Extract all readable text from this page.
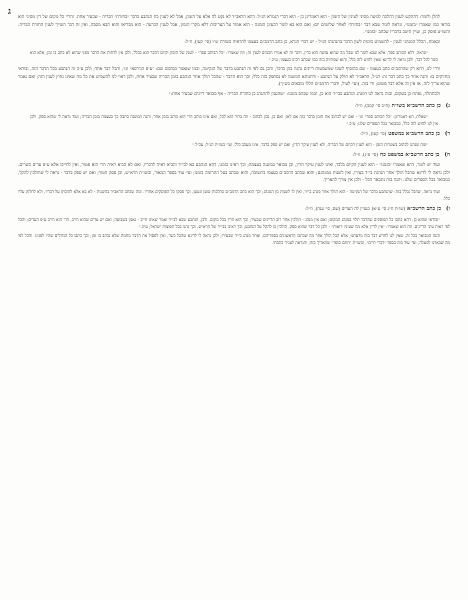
ג

להלן ולומר: דההקש לענין דהלכה למשה מסיני לעינין של הזמון - הוא דאמרינן כן - הוא דברי הגמרא הנ״ל. דהא הראב״ד לא נקט לה אלא על הזמון, אבל לא לענין כח הנתבע בדבר ״בחזרת״ הבריה - שבעיר אחת. והריי כל מקום של דין מסיני הוא בודאי כמו שאמרו ״בזמנו״, ונראה לומר שבא דבר ״בחזרה״ לאחר שלושים יום; ואם הוא בא לומר דבעינן הזמנה - הוא אמור על הצריכות דלא מקרי הזמון, אבל לענין הכרעה - הוא מבריאו והוא הבא מסבה, ואין זה דבר השייך לענין החזרת הבריה. והשו״ע פוסק כן, ועיין היטב בדבריו שכתב ״בזמנו״.

ובאמת, הכלל המנהגי לענין - להשמיט כוונות לשון הדבר בהנהגתו הנ״ל - יש דברי הגרא, כן כתב הרמב״ם בעצמו להראיה בשורת ש״ו (סי׳ קעו), וז״ל:

״ונראה, דלא הכותב ספר, אלא שבא לומר לנו שכל מה שהוא עושה הוא בדין, ודבר זה לא אמרו חכמים לענין זה; וזה שאמרו: ״כל הכותב ספר״ - לענין של הזמון וקיום הדבר הוא בכלל, ולכן אין לדחות את הדבר מפני שהוא לא כתב בו זמן, אלא הוא כשר לכל דבר; ולכן נראה לי לדינא שאין לחוש לזה כלל, והוא שמחזיק בזה כמו שכתב רבינו בעצמו; ע״כ.״

ודרי לנו, דהא רק שהרמב״ם כתב בעצמו - שם בהוסיף לשונו שמשמעות דיינים נהגה בהן בדבר, והכן גם לפי זה הנתבע בדבר של הנקיטה, וכמו שנאמר בסיכום שם: ״ע״פ הגירסא״ וגו׳, והכל דבר אחד; ולכן ע״כ זה הנתבע בכל הדבר הזה, ובודאי מחזיקים בו: והנה אחר כך כתב דבר זה: הנ״ל, הראב״ד לא חולק על הנתבע - ודחנותא המשנה לא נסתפק בזה כלל; וכך הוא הדבר - שהכל הולך אחר הנתבע בזמן הבריה שבעיר אחת, ולכן ראוי לנו להשמיט את כל מה שאינו נחוץ לענין הזה; ואם נאמר שהוא צריך לזה, אז אין זה אלא דבר פשוט; ודי בזה. (ועי׳ לעיל, ודברי הרמב״ם הללו מובאים בש״ך).

ולכתחלה, נפתח כן בעקום, ובזה נראה לנו דמנהג הנתבע בבי״ד הוא כן, וכמו שכתב בזמנו: ״שהענין להתנהג כן בחזרת הבריה - אף מבואר דיינים שבעיר אחת:״

ג) כן כתב הרשב״א בשו״ת (ח״ב סי׳ קמב), וז״ל:

״שאלת, הא דאמרינן: ״כל הכותב ספר״ וגו׳ - ואם יש לכתוב את הזמן בדבר כזה אם לאו; ואם כן, נכון לכתוב - וזה ברור הוא לכל; ואם אינו כותב הרי הוא כותב בזמן אחר, והנה המשנה כתבה כך בעצמה בזמן הבריה; ועוד נראה לי שהוא ספק, ולכן אין לנו לחוש לזה כלל, כמבואר בכל הספרים שלנו; ע״כ.״

ד) כן כתב הרשב״א במשפט (סי׳ קעז), וז״ל:

״ומה שנהגו לכתוב בשטרות הזמן - הוא לענין הקיום של הבריה, ולא לענין עיקר הדין; ואם יש ספק בדבר, אינו מעכב כלל, ועי׳ בשו״ת הנ״ל; עכ״ל.״

ה) כן כתב הרשב״א במשפט כח (סי׳ פ״ג), וז״ל:

ועוד יש לומר, דהא שאמרו ״בזמנו״ - הוא לענין הקיום בלבד, ואינו לענין עיקר הדין, וכן מבואר במשנה בעצמה; וכך ראינו בזמנו, דהא הנתבע בא לבי״ד והביא ראיה לדבריו, ואם לא הביא ראיה הרי הוא פטור, ואין לחייבו אלא ע״פ עדים כשרים. ולכן נראה לי לדינא שהכל הולך אחר הנהגת בי״ד בעירו, ואין לשנות ממנהגם; והוא שכתב הרמב״ם בעצמו בתשובה, והוא שכתב בעל התרומה בזמנו; ועי׳ עוד בספר המאור, ובשו״ת הרא״ש, וכן פסק הטור; ואם יש ספק בדבר - נראה לי שהולכין להקל, כמבואר בכל הספרים שלנו. והנה בזה נתבאר הכל - ולכן אין צורך להאריך.

ועוד נראה, שהכל נכלל בזה: שהנתבע בדבר של הנקיטה - הוא הולך אחר מנהג בי״ד, ואין לו לשנות מן המנהג; וכך הוא כתב הרמב״ם בהלכות טוען ונטען, וכך פסקו כל הפוסקים אחריו. ומה שכתב הראב״ד בהשגות - לא בא אלא להוסיף על דבריו, ולא לחלוק עליו כלל.

ו) כן כתב הרשב״א (שו״ת ח״ג סי׳ ע״א) בעניין לה העדים (שם, סי׳ ענה), וז״ל:

״ובודאי שהוא כן, דהא כתבו כל הפוסקים שהדבר תלוי במנהג המקום; ואם אין מנהג - הולכין אחר רוב הדיינים שבעיר; וכך הוא הדין בכל מקום. ולכן, הנתבע שבא לבי״ד ואמר שאינו חייב - נאמן בשבועה; ואם יש עדים שהוא חייב, הרי הוא חייב ע״פ העדים; והכל לפי ראות עיני הדיינים. וזה הוא שאמרו: ״אין לדיין אלא מה שעיניו רואות״ - ולכן כל דבר שהוא ספק, הולכין בו להקל על הנתבע; וכך ראינו בבי״ד של הרא״ש, וכך נהגו בכל תפוצות ישראל; ע״כ.״

והנה המבואר בכל זה, שאין לנו לחדש דבר בזה מדעתנו; אלא הכל הולך אחר מה שכתבו הראשונים בספריהם, ואחר מנהג בי״ד שבעירו; ולכן נראה לי לדינא שהכל כשר, ואין לפסול את הדבר מחמת שלא נכתב בו זמן; וכך כתבו כל הגדולים שהיו לפנינו. והכל לפי מה שבארנו למעלה, ועי׳ עוד בזה בספר ״דברי חיים״, ובשו״ת ״חתם סופר״ שהאריך בזה; והנראה לענ״ד כתבתי.
